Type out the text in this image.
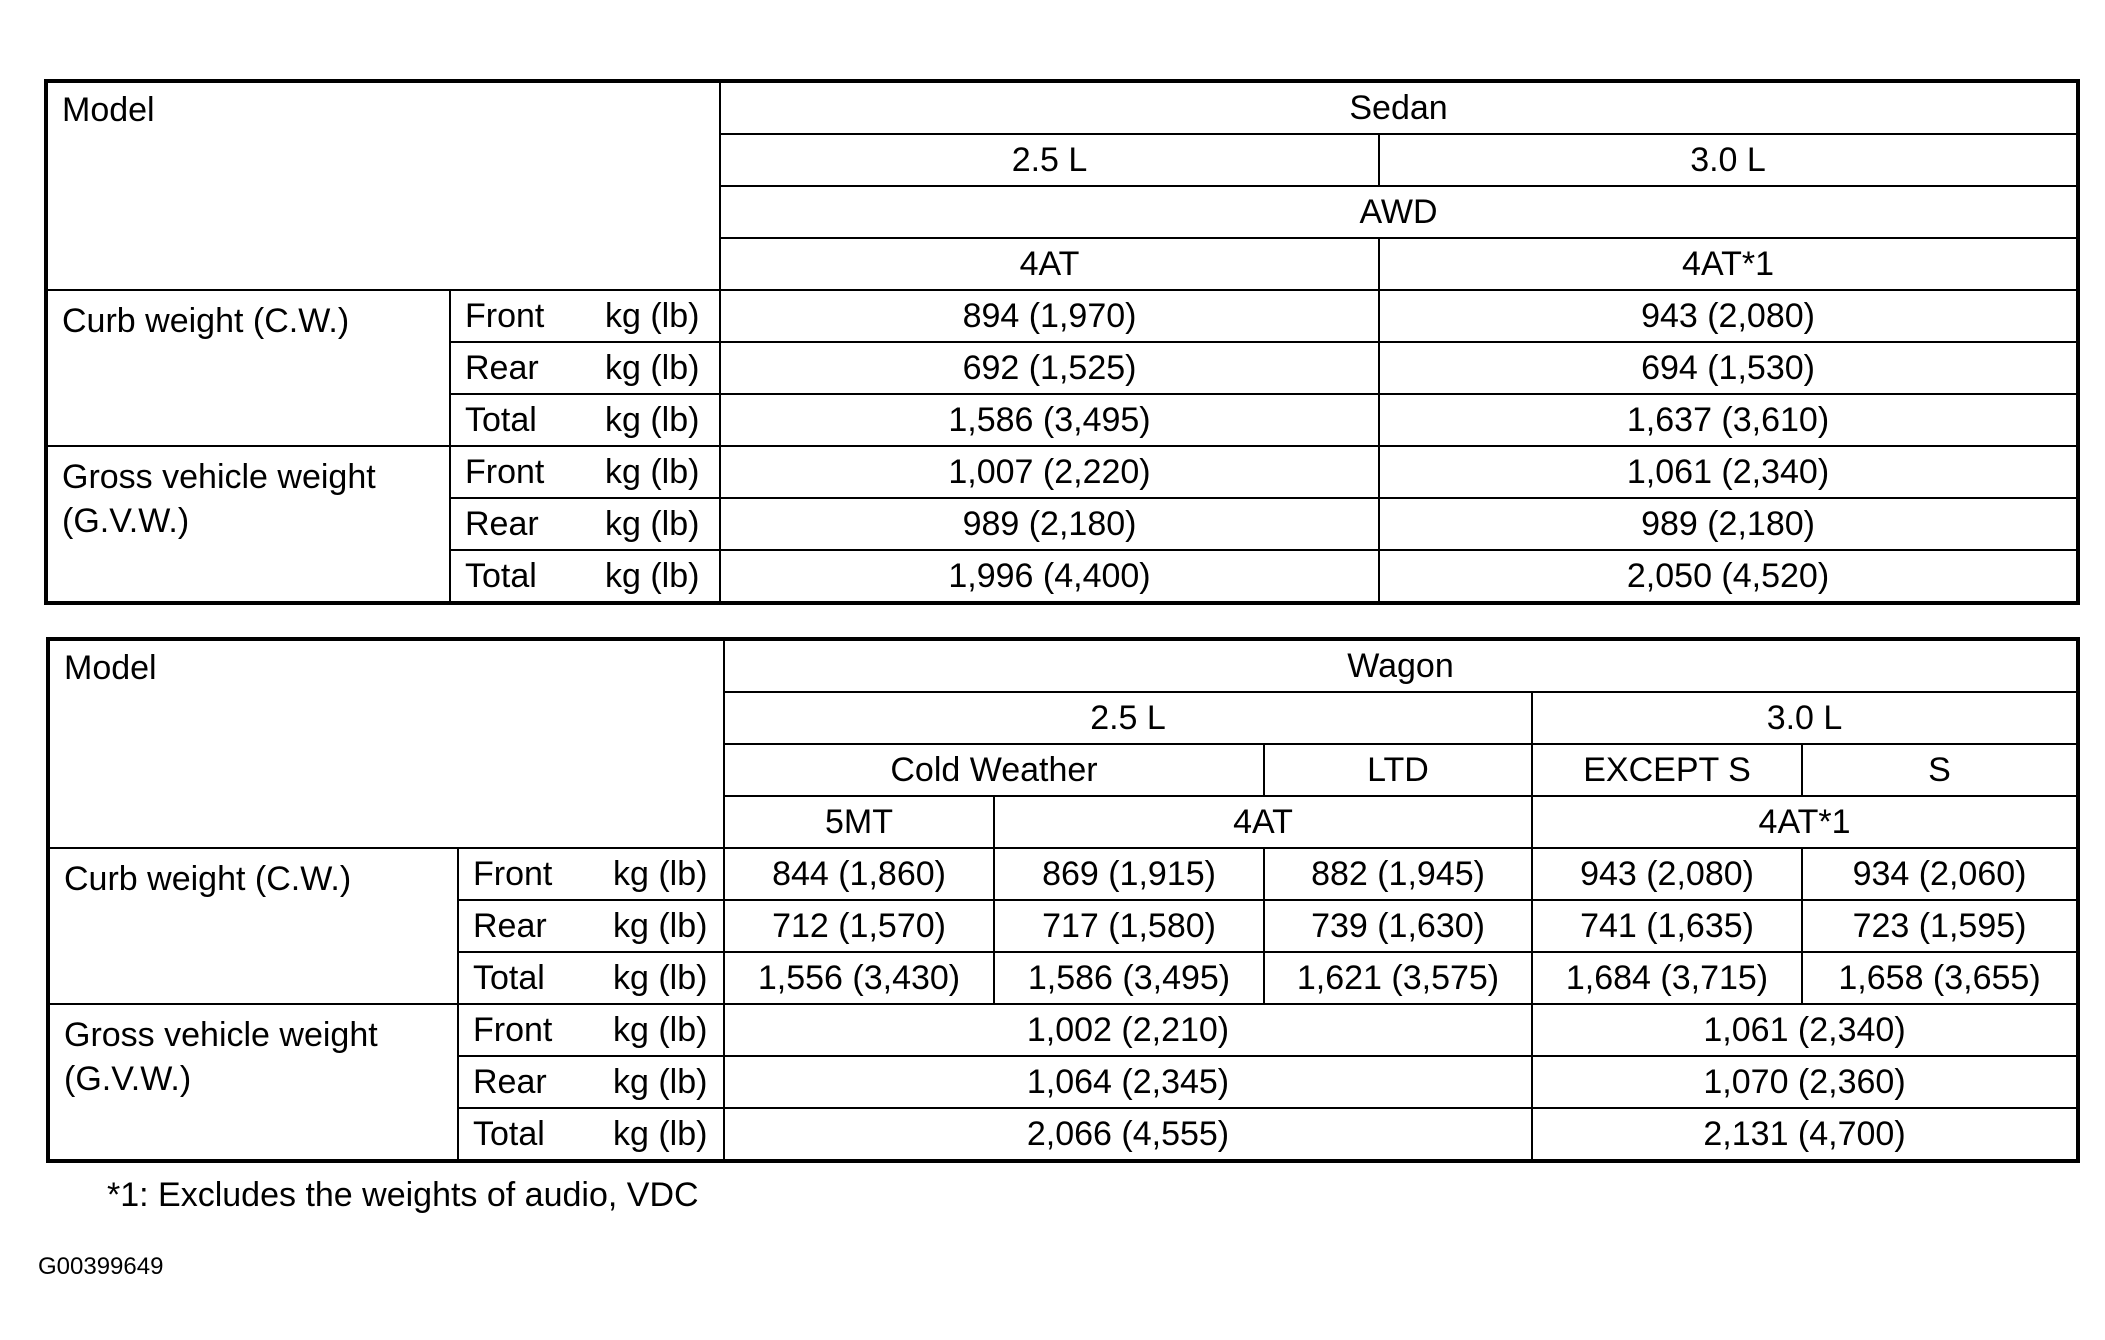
Model		Sedan	
		2.5 L	3.0 L
		AWD	
		4AT	4AT*1
Curb weight (C.W.)	Front kg (lb)	894 (1,970)	943 (2,080)

	Rear kg (lb)	692 (1,525)	694 (1,530)

	Total kg (lb)	1,586 (3,495)	1,637 (3,610)
Gross vehicle weight
(G.V.W.)	Front kg (lb)	1,007 (2,220)	1,061 (2,340)

	Rear kg (lb)	989 (2,180)	989 (2,180)

	Total kg (lb)	1,996 (4,400)	2,050 (4,520)
Model		Wagon				
		2.5 L			3.0 L	
		Cold Weather		LTD	EXCEPT S	S
		5MT	4AT		4AT*1	
Curb weight (C.W.)	Front kg (lb)	844 (1,860)	869 (1,915)	882 (1,945)	943 (2,080)	934 (2,060)

	Rear kg (lb)	712 (1,570)	717 (1,580)	739 (1,630)	741 (1,635)	723 (1,595)

	Total kg (lb)	1,556 (3,430)	1,586 (3,495)	1,621 (3,575)	1,684 (3,715)	1,658 (3,655)
Gross vehicle weight
(G.V.W.)	Front kg (lb)	1,002 (2,210)			1,061 (2,340)	

	Rear kg (lb)	1,064 (2,345)			1,070 (2,360)	

	Total kg (lb)	2,066 (4,555)			2,131 (4,700)	
*1: Excludes the weights of audio, VDC
G00399649
